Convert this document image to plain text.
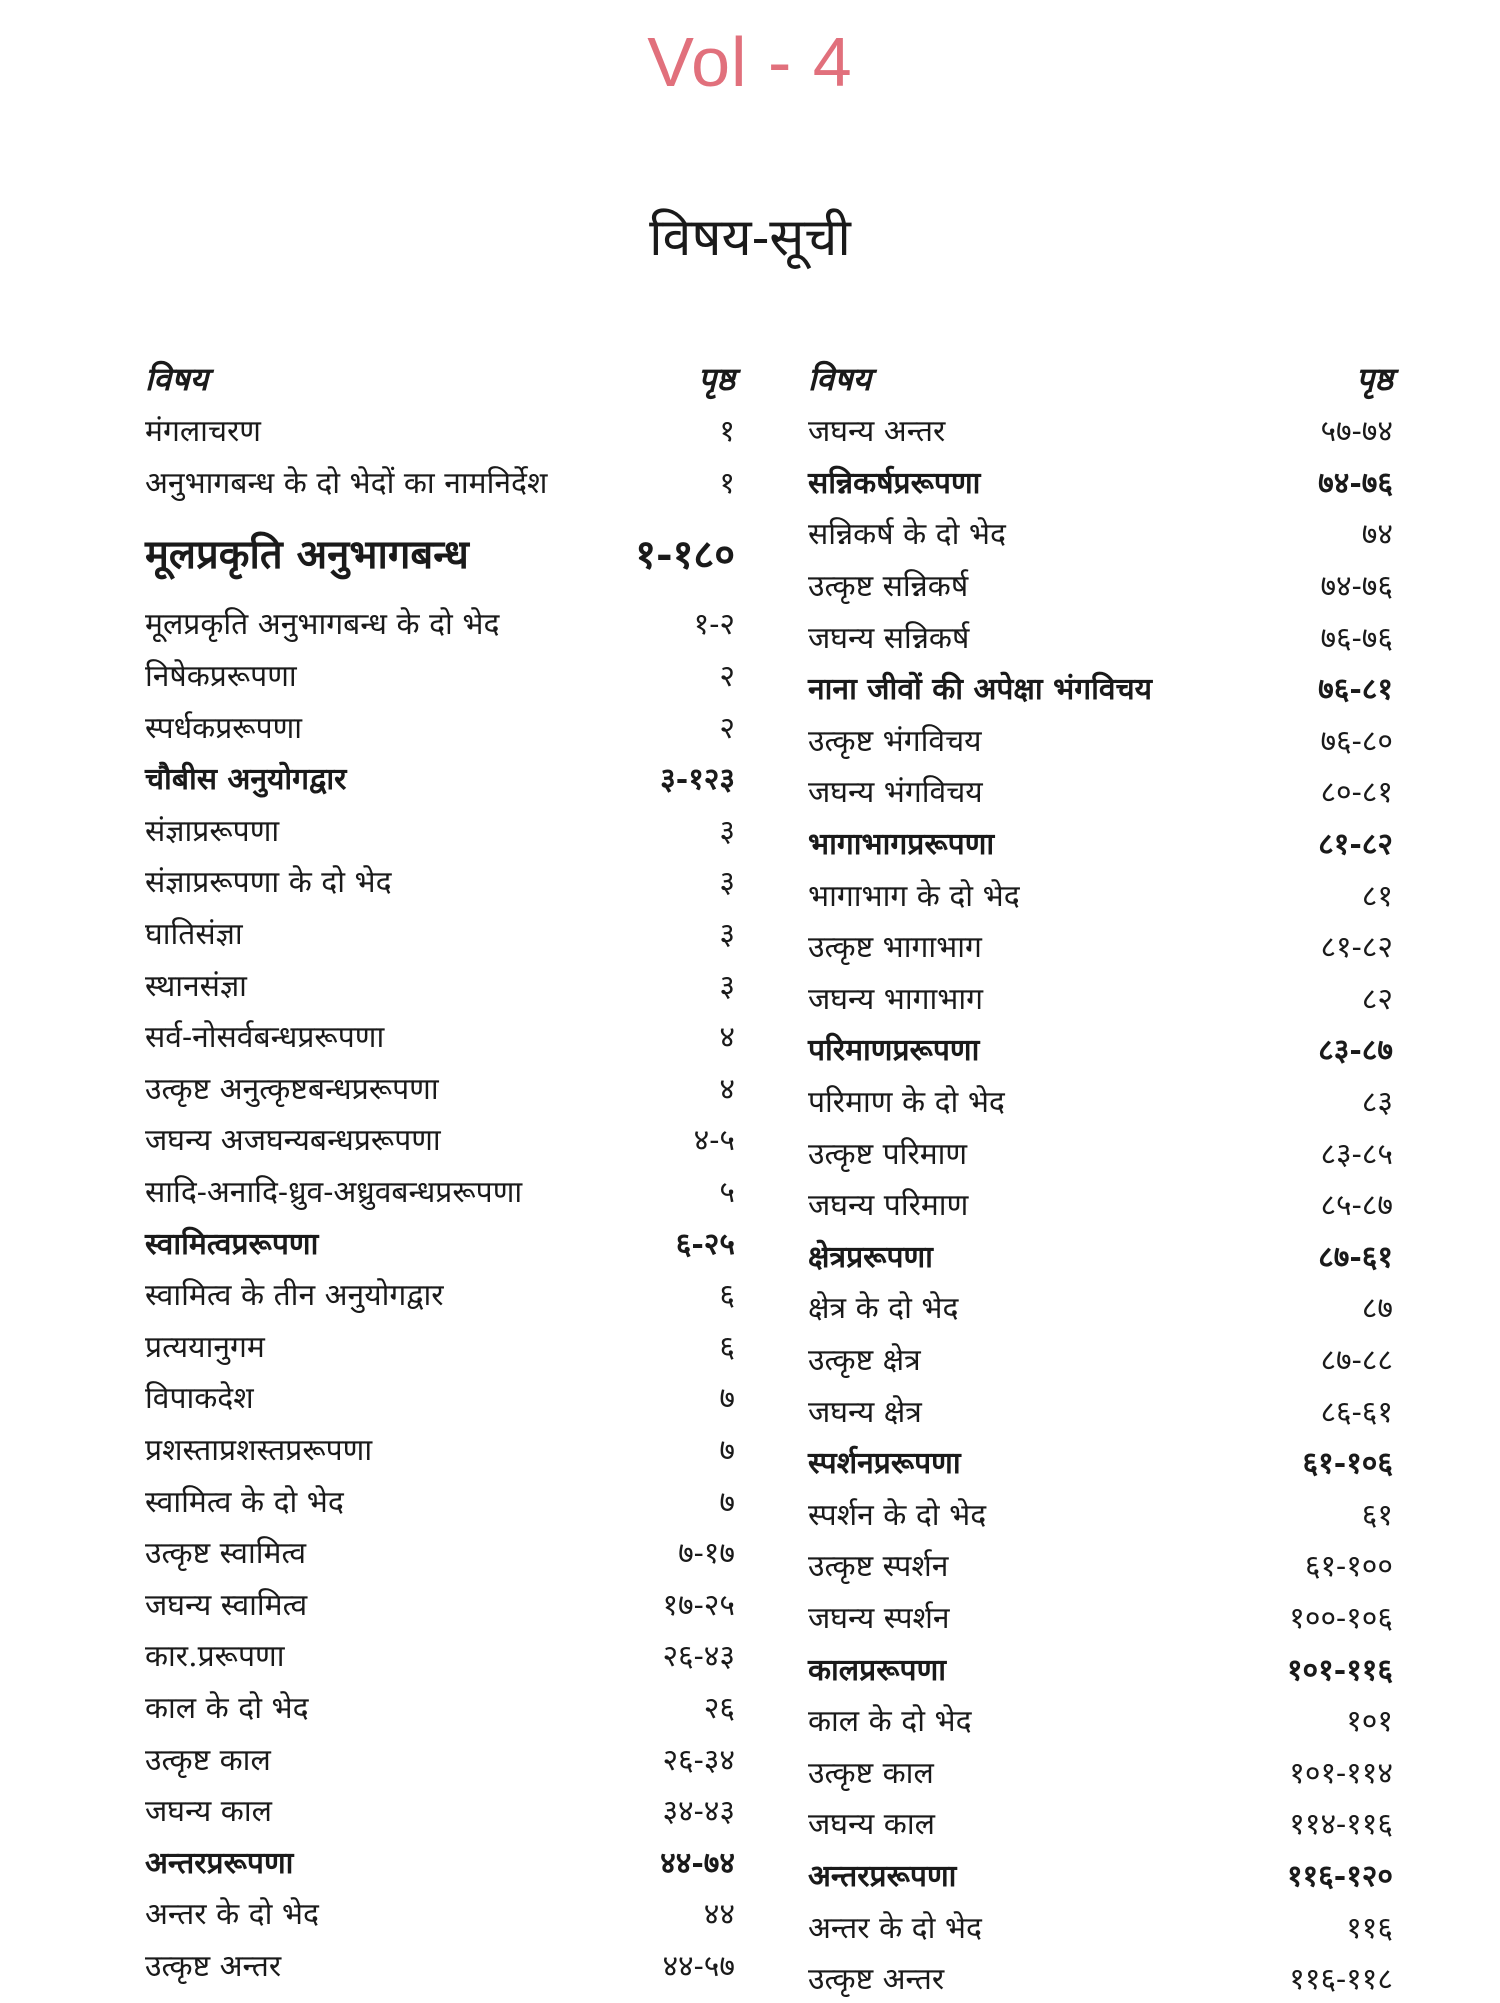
Vol - 4
विषय-सूची
विषय	पृष्ठ
मंगलाचरण	१
अनुभागबन्ध के दो भेदों का नामनिर्देश	१
मूलप्रकृति अनुभागबन्ध	१-१८०
मूलप्रकृति अनुभागबन्ध के दो भेद	१-२
निषेकप्ररूपणा	२
स्पर्धकप्ररूपणा	२
चौबीस अनुयोगद्वार	३-१२३
संज्ञाप्ररूपणा	३
संज्ञाप्ररूपणा के दो भेद	३
घातिसंज्ञा	३
स्थानसंज्ञा	३
सर्व-नोसर्वबन्धप्ररूपणा	४
उत्कृष्ट अनुत्कृष्टबन्धप्ररूपणा	४
जघन्य अजघन्यबन्धप्ररूपणा	४-५
सादि-अनादि-ध्रुव-अध्रुवबन्धप्ररूपणा	५
स्वामित्वप्ररूपणा	६-२५
स्वामित्व के तीन अनुयोगद्वार	६
प्रत्ययानुगम	६
विपाकदेश	७
प्रशस्ताप्रशस्तप्ररूपणा	७
स्वामित्व के दो भेद	७
उत्कृष्ट स्वामित्व	७-१७
जघन्य स्वामित्व	१७-२५
कार.प्ररूपणा	२६-४३
काल के दो भेद	२६
उत्कृष्ट काल	२६-३४
जघन्य काल	३४-४३
अन्तरप्ररूपणा	४४-७४
अन्तर के दो भेद	४४
उत्कृष्ट अन्तर	४४-५७
विषय	पृष्ठ
जघन्य अन्तर	५७-७४
सन्निकर्षप्ररूपणा	७४-७६
सन्निकर्ष के दो भेद	७४
उत्कृष्ट सन्निकर्ष	७४-७६
जघन्य सन्निकर्ष	७६-७६
नाना जीवों की अपेक्षा भंगविचय	७६-८१
उत्कृष्ट भंगविचय	७६-८०
जघन्य भंगविचय	८०-८१
भागाभागप्ररूपणा	८१-८२
भागाभाग के दो भेद	८१
उत्कृष्ट भागाभाग	८१-८२
जघन्य भागाभाग	८२
परिमाणप्ररूपणा	८३-८७
परिमाण के दो भेद	८३
उत्कृष्ट परिमाण	८३-८५
जघन्य परिमाण	८५-८७
क्षेत्रप्ररूपणा	८७-६१
क्षेत्र के दो भेद	८७
उत्कृष्ट क्षेत्र	८७-८८
जघन्य क्षेत्र	८६-६१
स्पर्शनप्ररूपणा	६१-१०६
स्पर्शन के दो भेद	६१
उत्कृष्ट स्पर्शन	६१-१००
जघन्य स्पर्शन	१००-१०६
कालप्ररूपणा	१०१-११६
काल के दो भेद	१०१
उत्कृष्ट काल	१०१-११४
जघन्य काल	११४-११६
अन्तरप्ररूपणा	११६-१२०
अन्तर के दो भेद	११६
उत्कृष्ट अन्तर	११६-११८
